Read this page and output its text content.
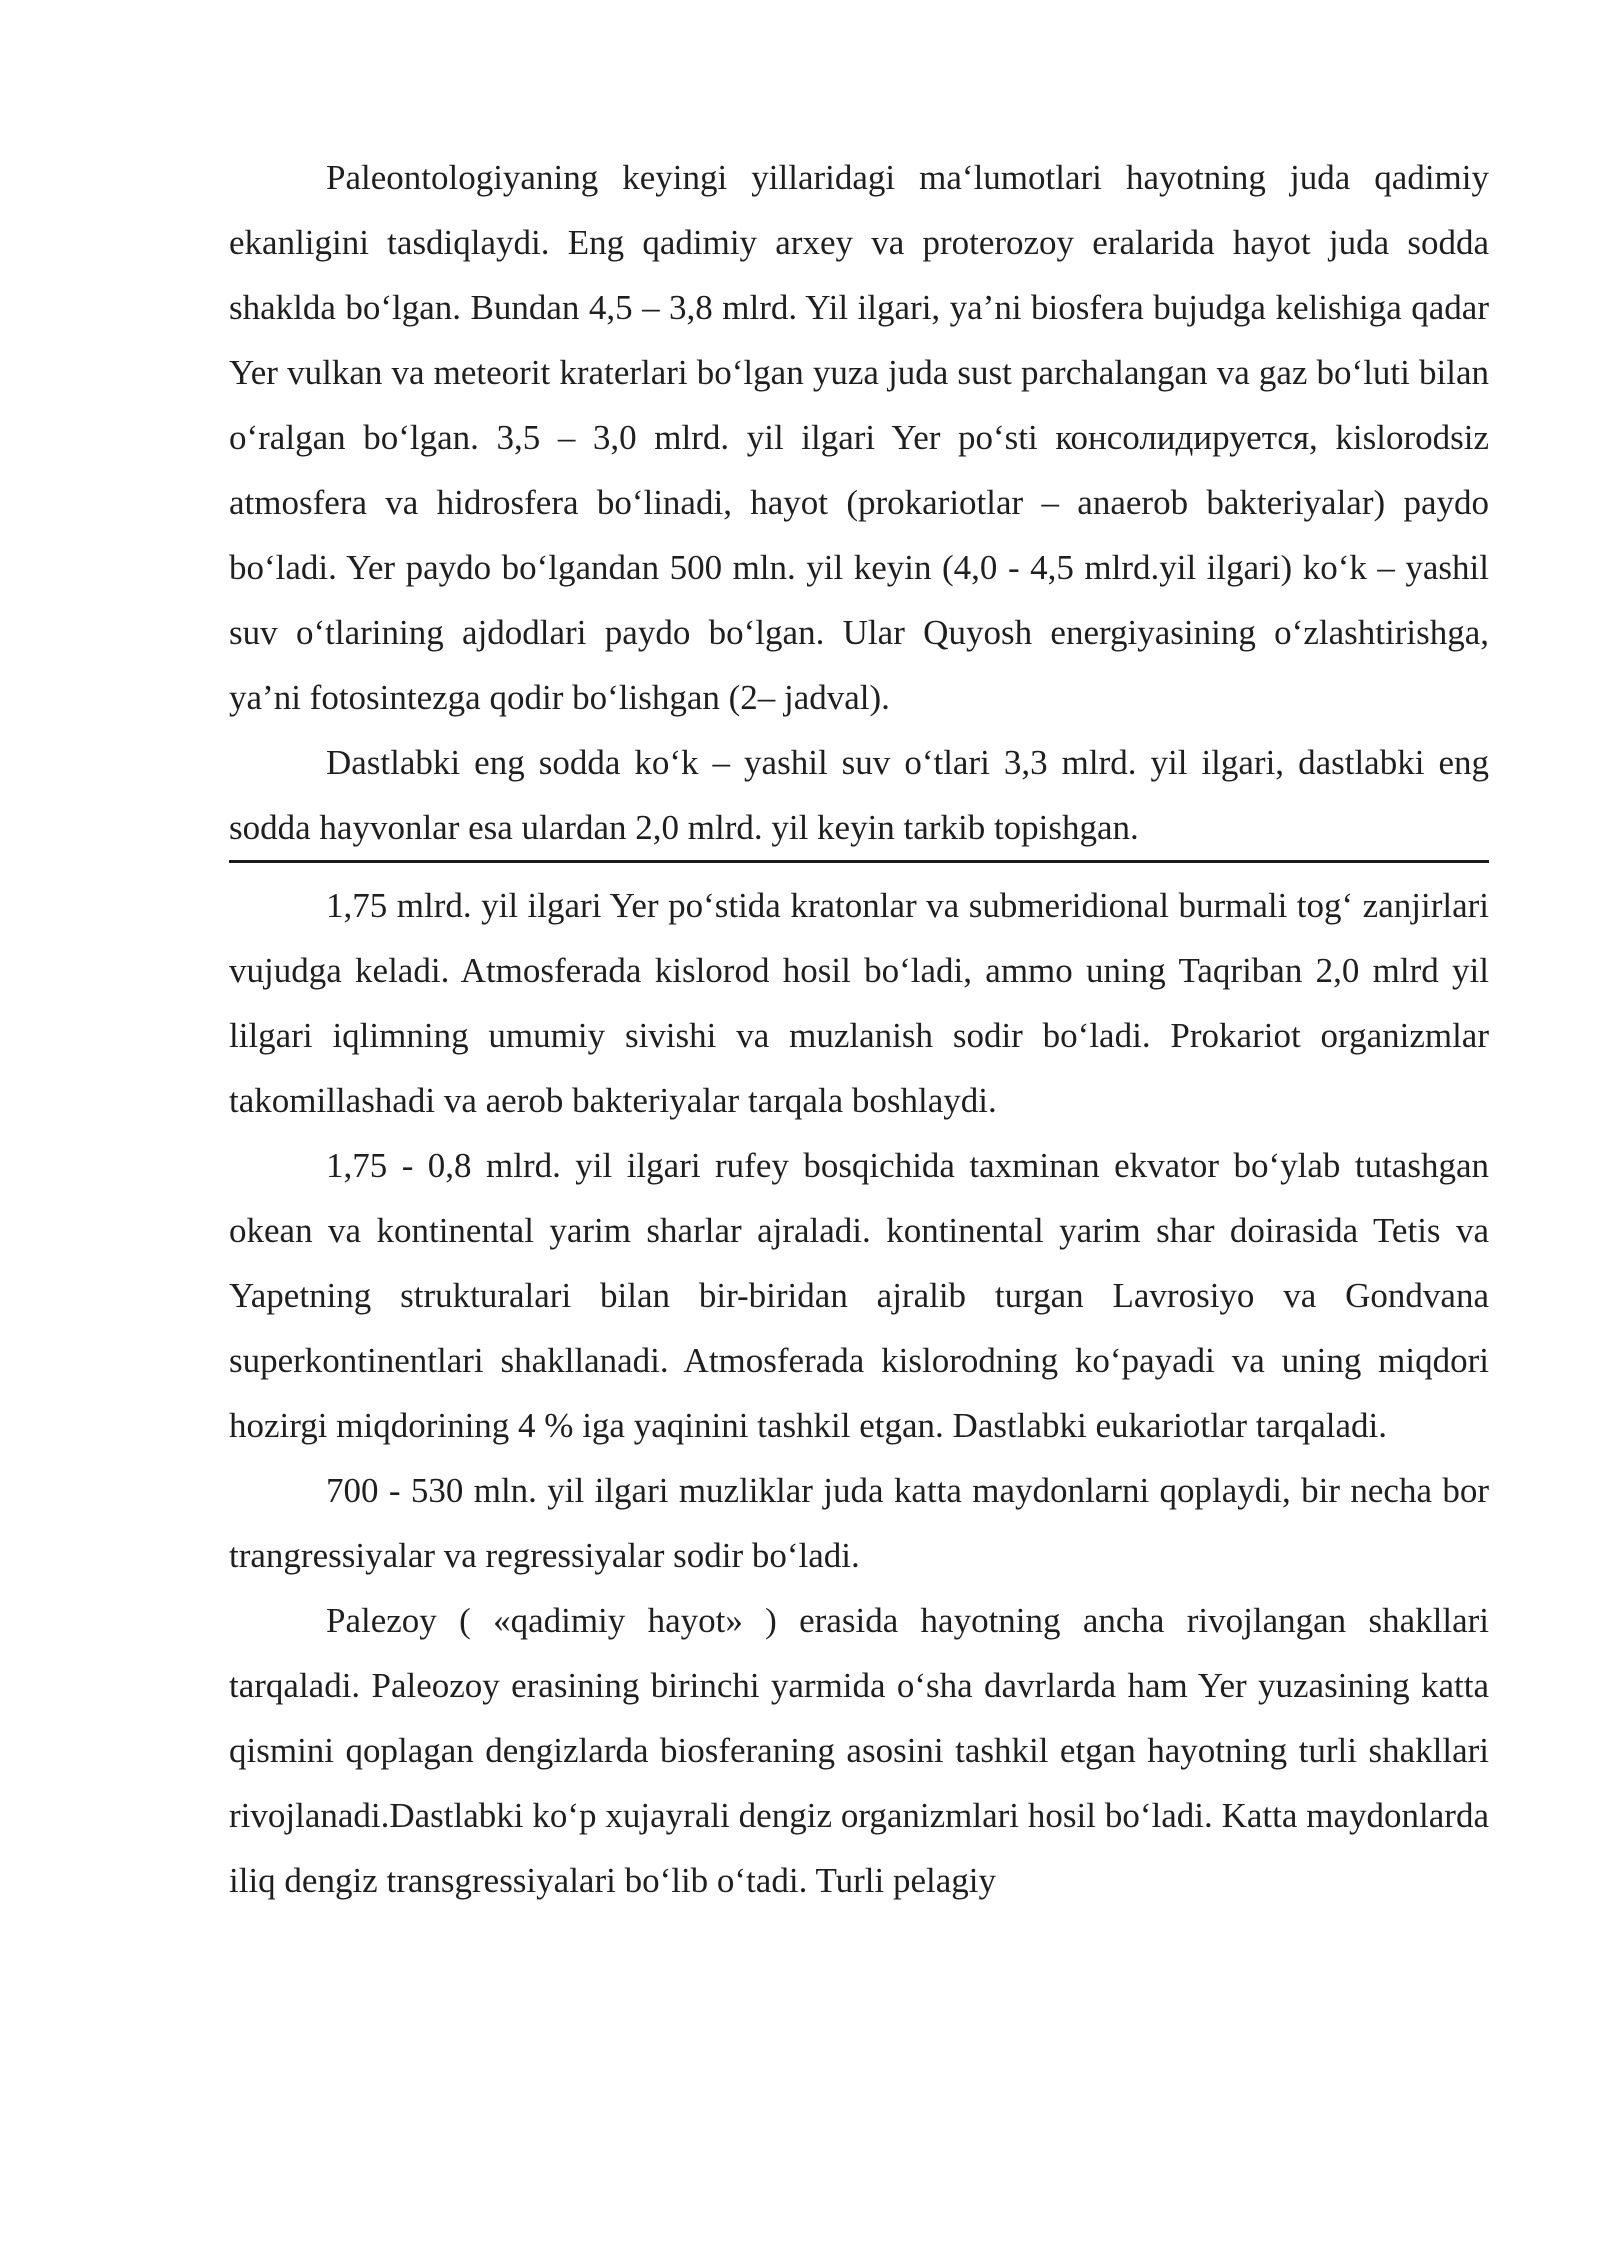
Paleontologiyaning keyingi yillaridagi ma‘lumotlari hayotning juda qadimiy ekanligini tasdiqlaydi. Eng qadimiy arxey va proterozoy eralarida hayot juda sodda shaklda bo‘lgan. Bundan 4,5 – 3,8 mlrd. Yil ilgari, ya’ni biosfera bujudga kelishiga qadar Yer vulkan va meteorit kraterlari bo‘lgan yuza juda sust parchalangan va gaz bo‘luti bilan o‘ralgan bo‘lgan. 3,5 – 3,0 mlrd. yil ilgari Yer po‘sti консолидируется, kislorodsiz atmosfera va hidrosfera bo‘linadi, hayot (prokariotlar – anaerob bakteriyalar) paydo bo‘ladi. Yer paydo bo‘lgandan 500 mln. yil keyin (4,0 - 4,5 mlrd.yil ilgari) ko‘k – yashil suv o‘tlarining ajdodlari paydo bo‘lgan. Ular Quyosh energiyasining o‘zlashtirishga, ya’ni fotosintezga qodir bo‘lishgan (2– jadval).

Dastlabki eng sodda ko‘k – yashil suv o‘tlari 3,3 mlrd. yil ilgari, dastlabki eng sodda hayvonlar esa ulardan 2,0 mlrd. yil keyin tarkib topishgan.

1,75 mlrd. yil ilgari Yer po‘stida kratonlar va submeridional burmali tog‘ zanjirlari vujudga keladi. Atmosferada kislorod hosil bo‘ladi, ammo uning Taqriban 2,0 mlrd yil lilgari iqlimning umumiy sivishi va muzlanish sodir bo‘ladi. Prokariot organizmlar takomillashadi va aerob bakteriyalar tarqala boshlaydi.

1,75 - 0,8 mlrd. yil ilgari rufey bosqichida taxminan ekvator bo‘ylab tutashgan okean va kontinental yarim sharlar ajraladi. kontinental yarim shar doirasida Tetis va Yapetning strukturalari bilan bir-biridan ajralib turgan Lavrosiyo va Gondvana superkontinentlari shakllanadi. Atmosferada kislorodning ko‘payadi va uning miqdori hozirgi miqdorining 4 % iga yaqinini tashkil etgan. Dastlabki eukariotlar tarqaladi.

700 - 530 mln. yil ilgari muzliklar juda katta maydonlarni qoplaydi, bir necha bor trangressiyalar va regressiyalar sodir bo‘ladi.

Palezoy ( «qadimiy hayot» ) erasida hayotning ancha rivojlangan shakllari tarqaladi. Paleozoy erasining birinchi yarmida o‘sha davrlarda ham Yer yuzasining katta qismini qoplagan dengizlarda biosferaning asosini tashkil etgan hayotning turli shakllari rivojlanadi.Dastlabki ko‘p xujayrali dengiz organizmlari hosil bo‘ladi. Katta maydonlarda iliq dengiz transgressiyalari bo‘lib o‘tadi. Turli pelagiy
